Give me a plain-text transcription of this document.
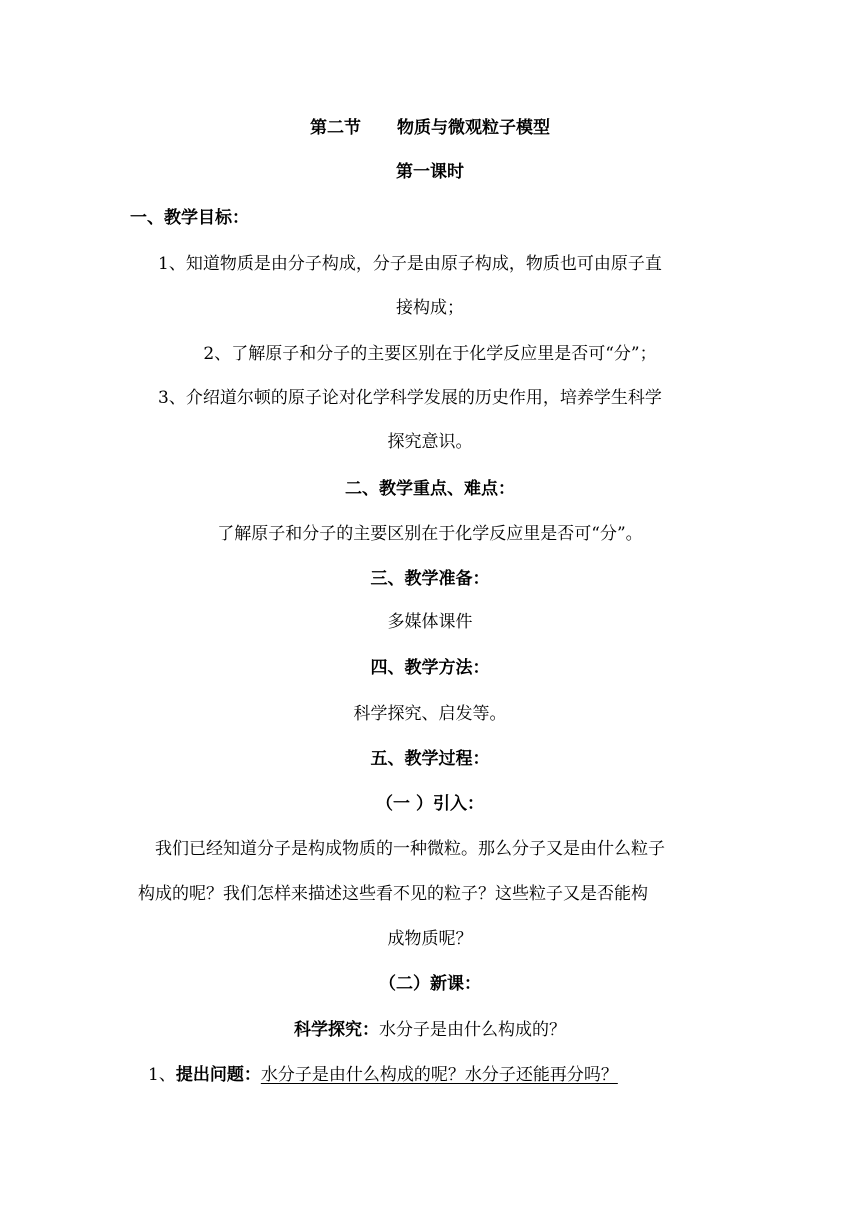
第二节 物质与微观粒子模型
第一课时
一、教学目标：
1、知道物质是由分子构成，分子是由原子构成，物质也可由原子直
接构成；
2、了解原子和分子的主要区别在于化学反应里是否可“分”；
3、介绍道尔顿的原子论对化学科学发展的历史作用，培养学生科学
探究意识。
二、教学重点、难点：
了解原子和分子的主要区别在于化学反应里是否可“分”。
三、教学准备：
多媒体课件
四、教学方法：
科学探究、启发等。
五、教学过程：
（一 ）引入：
我们已经知道分子是构成物质的一种微粒。那么分子又是由什么粒子
构成的呢？我们怎样来描述这些看不见的粒子？这些粒子又是否能构
成物质呢？
（二）新课：
科学探究：水分子是由什么构成的？
1、提出问题：水分子是由什么构成的呢？水分子还能再分吗？
